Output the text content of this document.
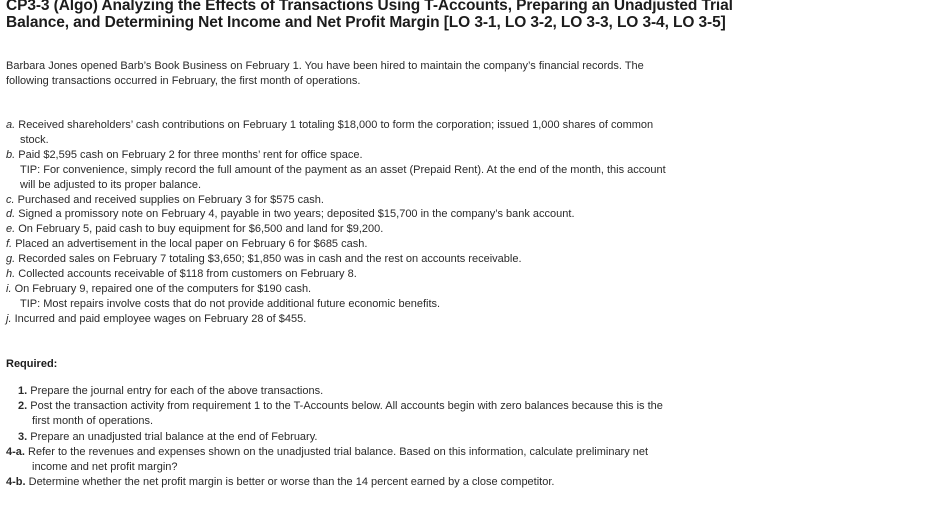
CP3-3 (Algo) Analyzing the Effects of Transactions Using T-Accounts, Preparing an Unadjusted Trial
Balance, and Determining Net Income and Net Profit Margin [LO 3-1, LO 3-2, LO 3-3, LO 3-4, LO 3-5]
Barbara Jones opened Barb’s Book Business on February 1. You have been hired to maintain the company’s financial records. The
following transactions occurred in February, the first month of operations.
a. Received shareholders’ cash contributions on February 1 totaling $18,000 to form the corporation; issued 1,000 shares of common
stock.
b. Paid $2,595 cash on February 2 for three months’ rent for office space.
TIP: For convenience, simply record the full amount of the payment as an asset (Prepaid Rent). At the end of the month, this account
will be adjusted to its proper balance.
c. Purchased and received supplies on February 3 for $575 cash.
d. Signed a promissory note on February 4, payable in two years; deposited $15,700 in the company’s bank account.
e. On February 5, paid cash to buy equipment for $6,500 and land for $9,200.
f. Placed an advertisement in the local paper on February 6 for $685 cash.
g. Recorded sales on February 7 totaling $3,650; $1,850 was in cash and the rest on accounts receivable.
h. Collected accounts receivable of $118 from customers on February 8.
i. On February 9, repaired one of the computers for $190 cash.
TIP: Most repairs involve costs that do not provide additional future economic benefits.
j. Incurred and paid employee wages on February 28 of $455.
Required:
1. Prepare the journal entry for each of the above transactions.
2. Post the transaction activity from requirement 1 to the T-Accounts below. All accounts begin with zero balances because this is the
first month of operations.
3. Prepare an unadjusted trial balance at the end of February.
4-a. Refer to the revenues and expenses shown on the unadjusted trial balance. Based on this information, calculate preliminary net
income and net profit margin?
4-b. Determine whether the net profit margin is better or worse than the 14 percent earned by a close competitor.
